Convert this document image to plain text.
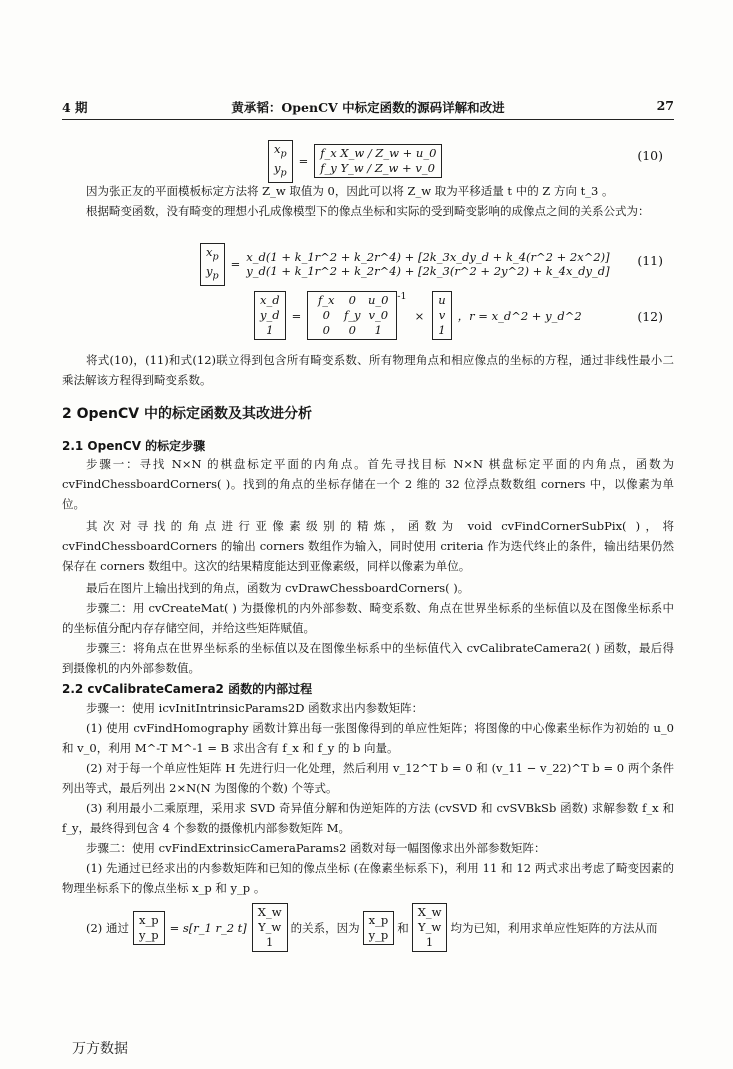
4 期	黄承韬：OpenCV 中标定函数的源码详解和改进	27
$x_p$
$y_p$
=
f_x X_w / Z_w + u_0
f_y Y_w / Z_w + v_0
(10)
因为张正友的平面模板标定方法将 Z_w 取值为 0，因此可以将 Z_w 取为平移适量 t 中的 Z 方向 t_3 。
根据畸变函数，没有畸变的理想小孔成像模型下的像点坐标和实际的受到畸变影响的成像点之间的关系公式为：
$x_p$
$y_p$
= x_d(1 + k_1r^2 + k_2r^4) + [2k_3x_dy_d + k_4(r^2 + 2x^2)]
y_d(1 + k_1r^2 + k_2r^4) + [2k_3(r^2 + 2y^2) + k_4x_dy_d]
(11)
x_d
y_d
1
=
f_x	0	u_0
0	f_y v_0
0	0	1
$^{-1}$
×
u
v
1
，r = x_d^2 + y_d^2	(12)
将式(10)，(11)和式(12)联立得到包含所有畸变系数、所有物理角点和相应像点的坐标的方程，通过非线性最小二乘法解该方程得到畸变系数。
2 OpenCV 中的标定函数及其改进分析
2.1 OpenCV 的标定步骤
步骤一：寻找 N×N 的棋盘标定平面的内角点。首先寻找目标 N×N 棋盘标定平面的内角点，函数为 cvFindChessboardCorners( )。找到的角点的坐标存储在一个 2 维的 32 位浮点数数组 corners 中，以像素为单位。
其次对寻找的角点进行亚像素级别的精炼，函数为 void cvFindCornerSubPix( )，将 cvFindChessboardCorners 的输出 corners 数组作为输入，同时使用 criteria 作为迭代终止的条件，输出结果仍然保存在 corners 数组中。这次的结果精度能达到亚像素级，同样以像素为单位。
最后在图片上输出找到的角点，函数为 cvDrawChessboardCorners( )。
步骤二：用 cvCreateMat( ) 为摄像机的内外部参数、畸变系数、角点在世界坐标系的坐标值以及在图像坐标系中的坐标值分配内存存储空间，并给这些矩阵赋值。
步骤三：将角点在世界坐标系的坐标值以及在图像坐标系中的坐标值代入 cvCalibrateCamera2( ) 函数，最后得到摄像机的内外部参数值。
2.2 cvCalibrateCamera2 函数的内部过程
步骤一：使用 icvInitIntrinsicParams2D 函数求出内参数矩阵：
(1) 使用 cvFindHomography 函数计算出每一张图像得到的单应性矩阵；将图像的中心像素坐标作为初始的 u_0 和 v_0，利用 M^-T M^-1 = B 求出含有 f_x 和 f_y 的 b 向量。
(2) 对于每一个单应性矩阵 H 先进行归一化处理，然后利用 v_12^T b = 0 和 (v_11 − v_22)^T b = 0 两个条件列出等式，最后列出 2×N(N 为图像的个数) 个等式。
(3) 利用最小二乘原理，采用求 SVD 奇异值分解和伪逆矩阵的方法 (cvSVD 和 cvSVBkSb 函数) 求解参数 f_x 和 f_y，最终得到包含 4 个参数的摄像机内部参数矩阵 M。
步骤二：使用 cvFindExtrinsicCameraParams2 函数对每一幅图像求出外部参数矩阵：
(1) 先通过已经求出的内参数矩阵和已知的像点坐标 (在像素坐标系下)，利用 11 和 12 两式求出考虑了畸变因素的物理坐标系下的像点坐标 x_p 和 y_p 。
(2) 通过
x_p
y_p = s[r_1 r_2 t]
X_w
Y_w
1
的关系，因为
x_p
y_p 和
X_w
Y_w
1
均为已知，利用求单应性矩阵的方法从而
万方数据
